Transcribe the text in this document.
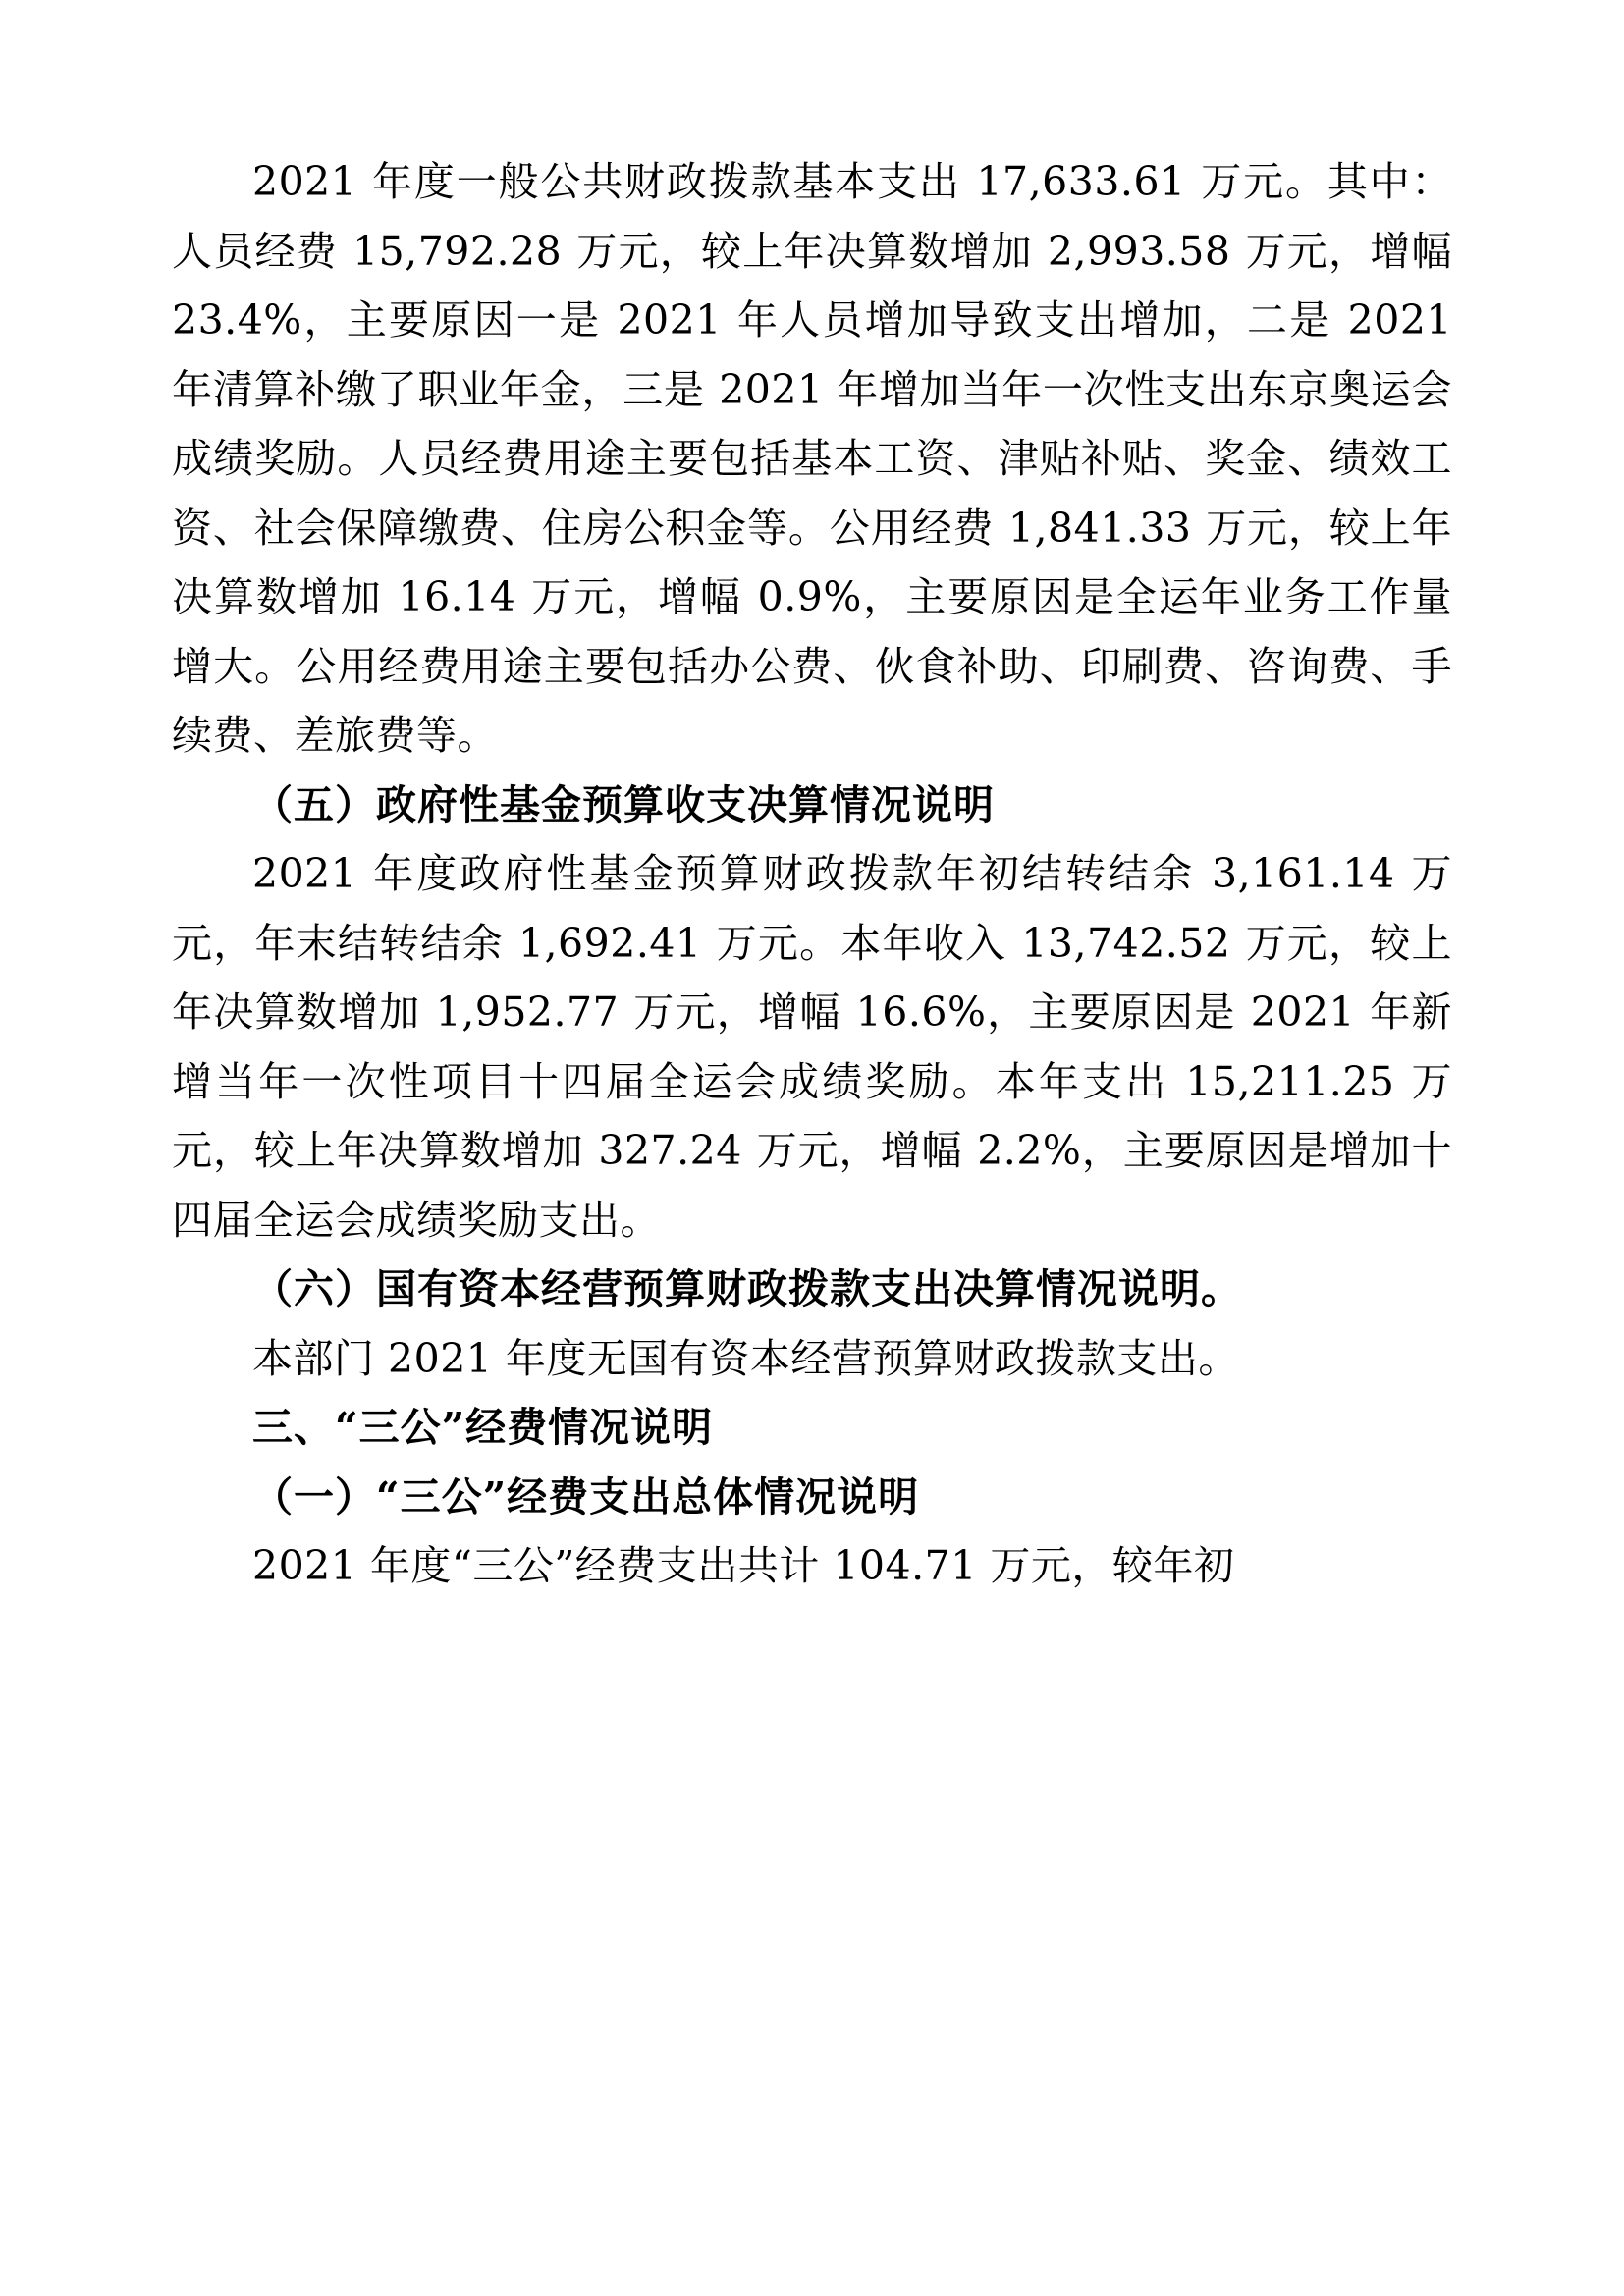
2021 年度一般公共财政拨款基本支出 17,633.61 万元。其中：人员经费 15,792.28 万元，较上年决算数增加 2,993.58 万元，增幅 23.4%，主要原因一是 2021 年人员增加导致支出增加，二是 2021 年清算补缴了职业年金，三是 2021 年增加当年一次性支出东京奥运会成绩奖励。人员经费用途主要包括基本工资、津贴补贴、奖金、绩效工资、社会保障缴费、住房公积金等。公用经费 1,841.33 万元，较上年决算数增加 16.14 万元，增幅 0.9%，主要原因是全运年业务工作量增大。公用经费用途主要包括办公费、伙食补助、印刷费、咨询费、手续费、差旅费等。

（五）政府性基金预算收支决算情况说明

2021 年度政府性基金预算财政拨款年初结转结余 3,161.14 万元，年末结转结余 1,692.41 万元。本年收入 13,742.52 万元，较上年决算数增加 1,952.77 万元，增幅 16.6%，主要原因是 2021 年新增当年一次性项目十四届全运会成绩奖励。本年支出 15,211.25 万元，较上年决算数增加 327.24 万元，增幅 2.2%，主要原因是增加十四届全运会成绩奖励支出。

（六）国有资本经营预算财政拨款支出决算情况说明。

本部门 2021 年度无国有资本经营预算财政拨款支出。

三、“三公”经费情况说明

（一）“三公”经费支出总体情况说明

2021 年度“三公”经费支出共计 104.71 万元，较年初
